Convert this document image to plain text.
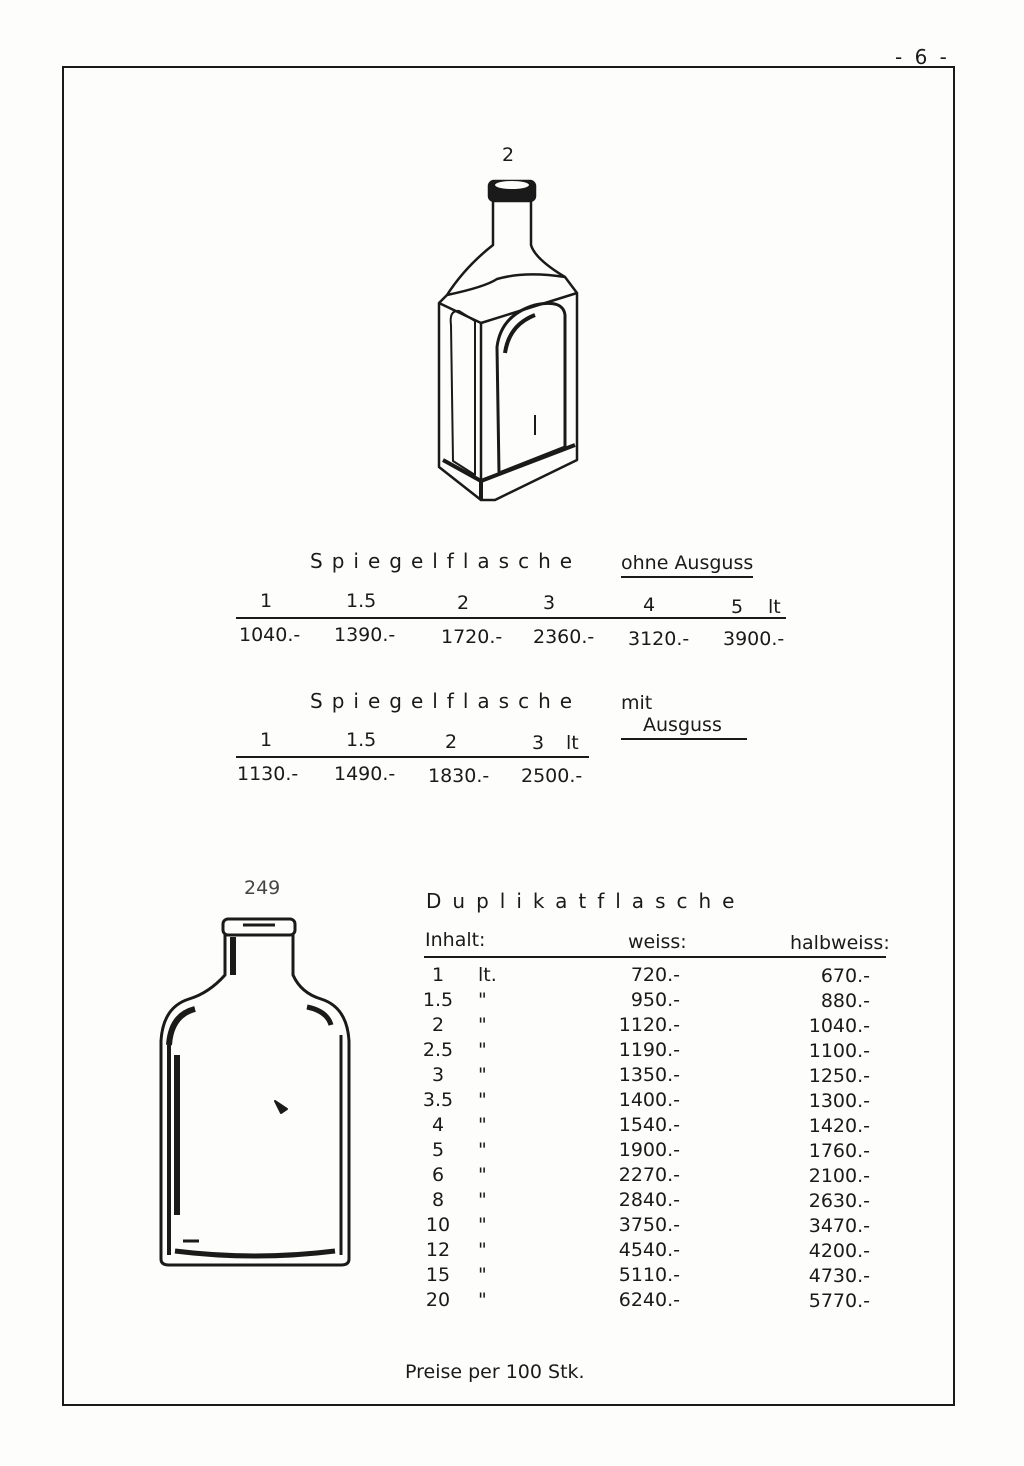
- 6 -
2
Spiegelflasche ohne Ausguss
1	1.5	2	3	4	5 lt
1040.- 1390.- 1720.- 2360.- 3120.- 3900.-
Spiegelflasche mit Ausguss
1	1.5	2	3 lt
1130.- 1490.- 1830.- 2500.-
249
Duplikatflasche
Inhalt:	weiss:	halbweiss:
1	lt.	720.-	670.-
1.5 "	950.-	880.-
2	"	1120.-	1040.-
2.5 "	1190.-	1100.-
3	"	1350.-	1250.-
3.5 "	1400.-	1300.-
4	"	1540.-	1420.-
5	"	1900.-	1760.-
6	"	2270.-	2100.-
8	"	2840.-	2630.-
10	"	3750.-	3470.-
12	"	4540.-	4200.-
15	"	5110.-	4730.-
20	"	6240.-	5770.-
Preise per 100 Stk.
